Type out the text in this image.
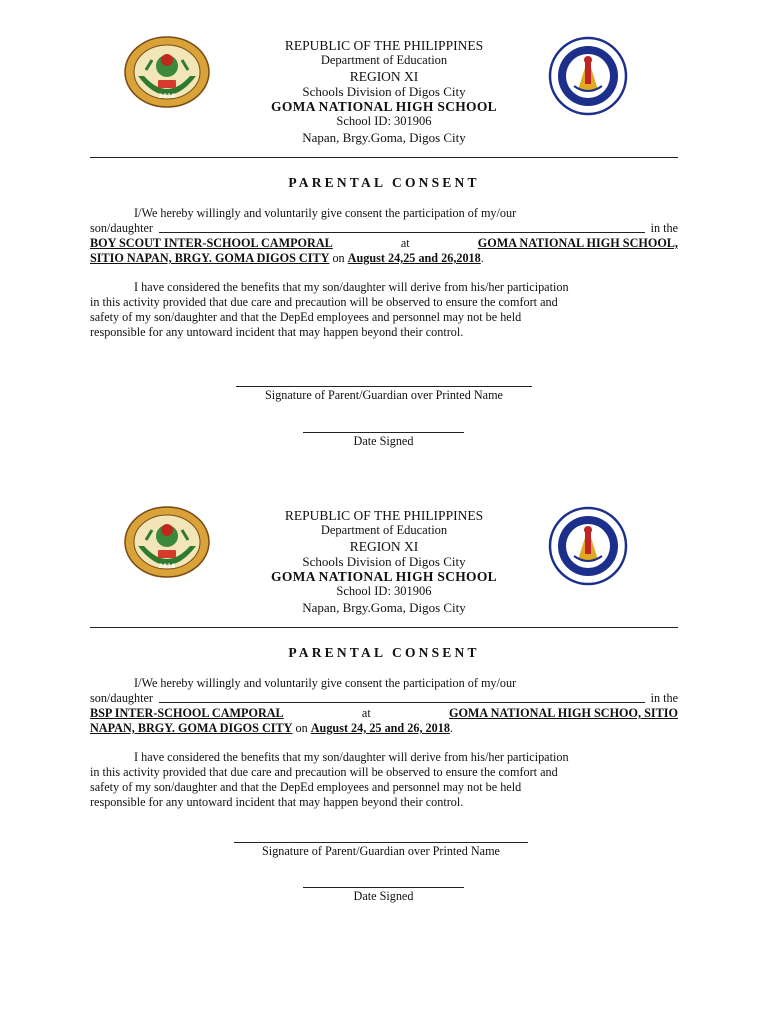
2016
REPUBLIC OF THE PHILIPPINES
Department of Education
REGION XI
Schools Division of Digos City
GOMA NATIONAL HIGH SCHOOL
School ID: 301906
Napan, Brgy.Goma, Digos City
PARENTAL CONSENT
I/We hereby willingly and voluntarily give consent the participation of my/our
son/daughter	in the
BOY SCOUT INTER-SCHOOL CAMPORAL	at	GOMA NATIONAL HIGH SCHOOL,
SITIO NAPAN, BRGY. GOMA DIGOS CITY
on
August 24,25 and 26,2018 .
I have considered the benefits that my son/daughter will derive from his/her participation
in this activity provided that due care and precaution will be observed to ensure the comfort and
safety of my son/daughter and that the DepEd employees and personnel may not be held
responsible for any untoward incident that may happen beyond their control.
Signature of Parent/Guardian over Printed Name
Date Signed
2016
REPUBLIC OF THE PHILIPPINES
Department of Education
REGION XI
Schools Division of Digos City
GOMA NATIONAL HIGH SCHOOL
School ID: 301906
Napan, Brgy.Goma, Digos City
PARENTAL CONSENT
I/We hereby willingly and voluntarily give consent the participation of my/our
son/daughter	in the
BSP INTER-SCHOOL CAMPORAL	at	GOMA NATIONAL HIGH SCHOO, SITIO
NAPAN, BRGY. GOMA DIGOS CITY
on
August 24, 25 and 26, 2018 .
I have considered the benefits that my son/daughter will derive from his/her participation
in this activity provided that due care and precaution will be observed to ensure the comfort and
safety of my son/daughter and that the DepEd employees and personnel may not be held
responsible for any untoward incident that may happen beyond their control.
Signature of Parent/Guardian over Printed Name
Date Signed
